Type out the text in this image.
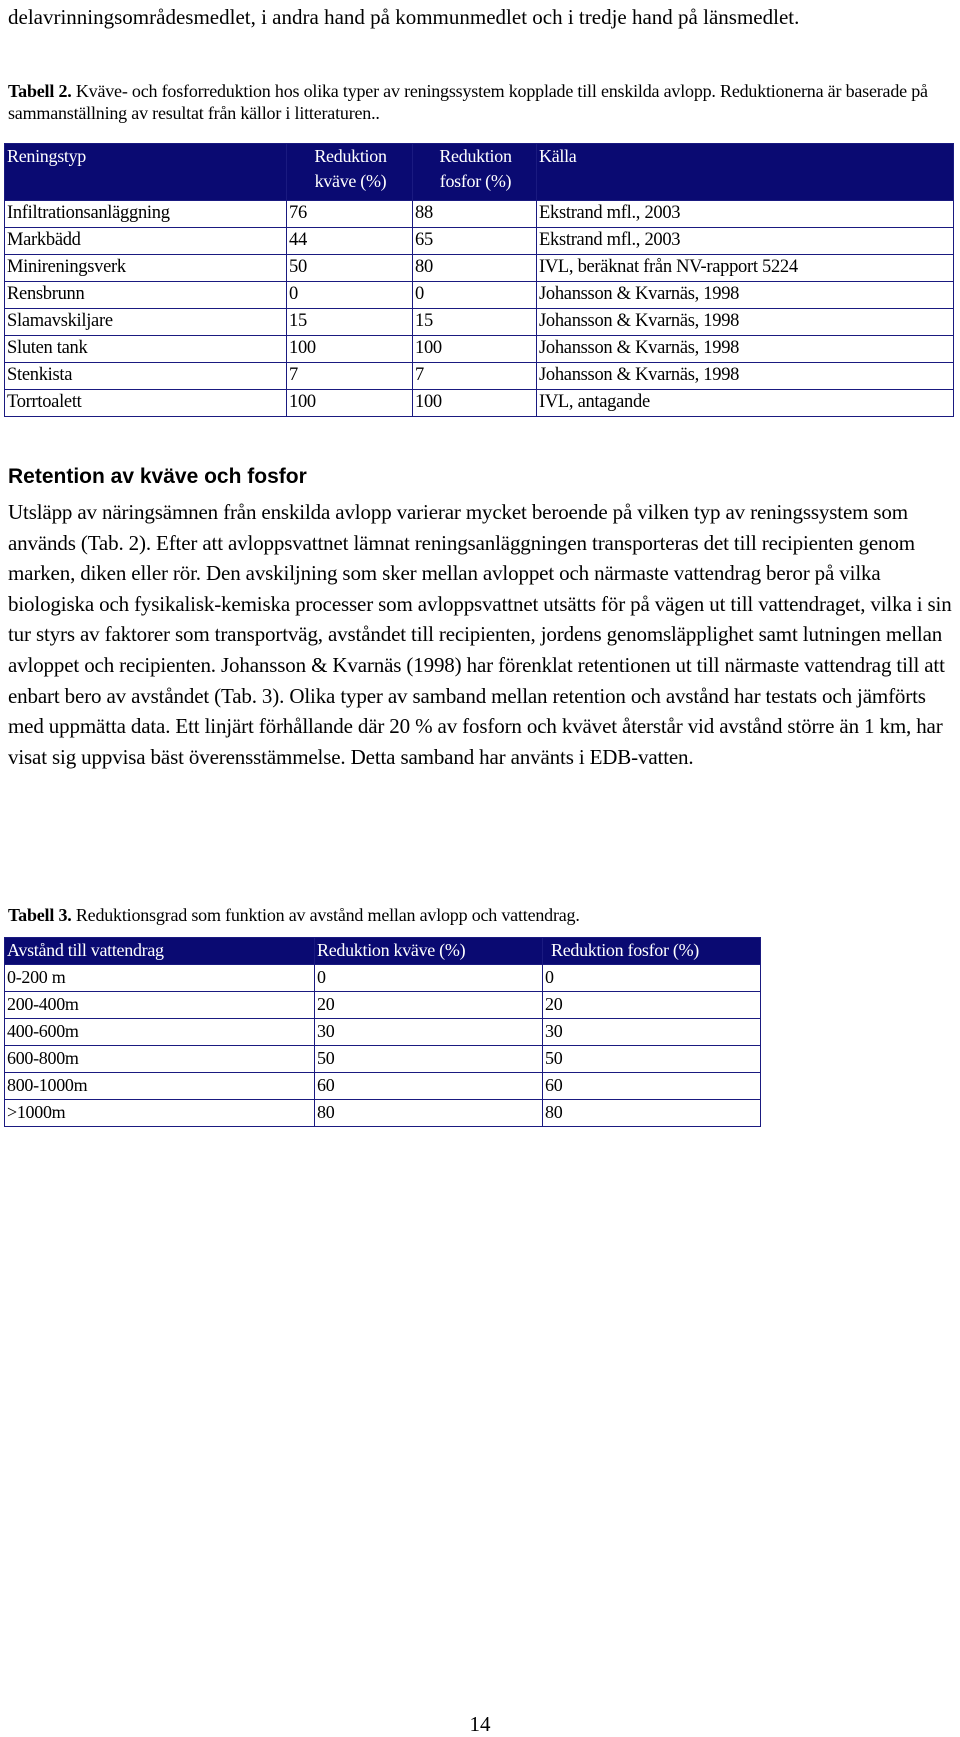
delavrinningsområdesmedlet, i andra hand på kommunmedlet och i tredje hand på länsmedlet.
Tabell 2. Kväve- och fosforreduktion hos olika typer av reningssystem kopplade till enskilda avlopp. Reduktionerna är baserade på sammanställning av resultat från källor i litteraturen..
Reningstyp	Reduktion kväve (%)	Reduktion fosfor (%)	Källa
Infiltrationsanläggning	76	88	Ekstrand mfl., 2003
Markbädd	44	65	Ekstrand mfl., 2003
Minireningsverk	50	80	IVL, beräknat från NV-rapport 5224
Rensbrunn	0	0	Johansson & Kvarnäs, 1998
Slamavskiljare	15	15	Johansson & Kvarnäs, 1998
Sluten tank	100	100	Johansson & Kvarnäs, 1998
Stenkista	7	7	Johansson & Kvarnäs, 1998
Torrtoalett	100	100	IVL, antagande
Retention av kväve och fosfor
Utsläpp av näringsämnen från enskilda avlopp varierar mycket beroende på vilken typ av reningssystem som används (Tab. 2). Efter att avloppsvattnet lämnat reningsanläggningen transporteras det till recipienten genom marken, diken eller rör. Den avskiljning som sker mellan avloppet och närmaste vattendrag beror på vilka biologiska och fysikalisk-kemiska processer som avloppsvattnet utsätts för på vägen ut till vattendraget, vilka i sin tur styrs av faktorer som transportväg, avståndet till recipienten, jordens genomsläpplighet samt lutningen mellan avloppet och recipienten. Johansson & Kvarnäs (1998) har förenklat retentionen ut till närmaste vattendrag till att enbart bero av avståndet (Tab. 3). Olika typer av samband mellan retention och avstånd har testats och jämförts med uppmätta data. Ett linjärt förhållande där 20 % av fosforn och kvävet återstår vid avstånd större än 1 km, har visat sig uppvisa bäst överensstämmelse. Detta samband har använts i EDB-vatten.
Tabell 3. Reduktionsgrad som funktion av avstånd mellan avlopp och vattendrag.
Avstånd till vattendrag	Reduktion kväve (%)	Reduktion fosfor (%)
0-200 m	0	0
200-400m	20	20
400-600m	30	30
600-800m	50	50
800-1000m	60	60
>1000m	80	80
14
